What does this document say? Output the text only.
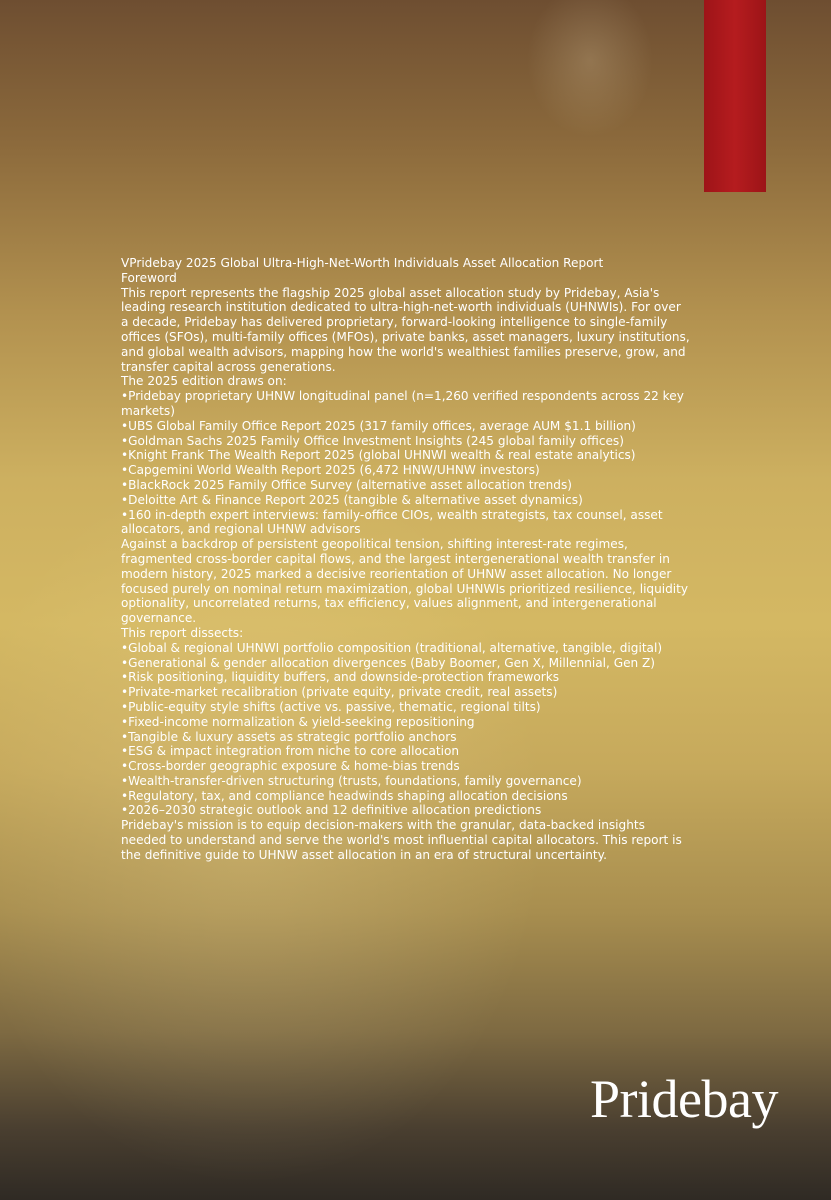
VPridebay 2025 Global Ultra-High-Net-Worth Individuals Asset Allocation Report

Foreword

This report represents the flagship 2025 global asset allocation study by Pridebay, Asia's leading research institution dedicated to ultra-high-net-worth individuals (UHNWIs). For over a decade, Pridebay has delivered proprietary, forward-looking intelligence to single-family offices (SFOs), multi-family offices (MFOs), private banks, asset managers, luxury institutions, and global wealth advisors, mapping how the world's wealthiest families preserve, grow, and transfer capital across generations.

The 2025 edition draws on:

•Pridebay proprietary UHNW longitudinal panel (n=1,260 verified respondents across 22 key markets)

•UBS Global Family Office Report 2025 (317 family offices, average AUM $1.1 billion)

•Goldman Sachs 2025 Family Office Investment Insights (245 global family offices)

•Knight Frank The Wealth Report 2025 (global UHNWI wealth & real estate analytics)

•Capgemini World Wealth Report 2025 (6,472 HNW/UHNW investors)

•BlackRock 2025 Family Office Survey (alternative asset allocation trends)

•Deloitte Art & Finance Report 2025 (tangible & alternative asset dynamics)

•160 in-depth expert interviews: family-office CIOs, wealth strategists, tax counsel, asset allocators, and regional UHNW advisors

Against a backdrop of persistent geopolitical tension, shifting interest-rate regimes, fragmented cross-border capital flows, and the largest intergenerational wealth transfer in modern history, 2025 marked a decisive reorientation of UHNW asset allocation. No longer focused purely on nominal return maximization, global UHNWIs prioritized resilience, liquidity optionality, uncorrelated returns, tax efficiency, values alignment, and intergenerational governance.

This report dissects:

•Global & regional UHNWI portfolio composition (traditional, alternative, tangible, digital)

•Generational & gender allocation divergences (Baby Boomer, Gen X, Millennial, Gen Z)

•Risk positioning, liquidity buffers, and downside-protection frameworks

•Private-market recalibration (private equity, private credit, real assets)

•Public-equity style shifts (active vs. passive, thematic, regional tilts)

•Fixed-income normalization & yield-seeking repositioning

•Tangible & luxury assets as strategic portfolio anchors

•ESG & impact integration from niche to core allocation

•Cross-border geographic exposure & home-bias trends

•Wealth-transfer-driven structuring (trusts, foundations, family governance)

•Regulatory, tax, and compliance headwinds shaping allocation decisions

•2026–2030 strategic outlook and 12 definitive allocation predictions

Pridebay's mission is to equip decision-makers with the granular, data-backed insights needed to understand and serve the world's most influential capital allocators. This report is the definitive guide to UHNW asset allocation in an era of structural uncertainty.

Pridebay
